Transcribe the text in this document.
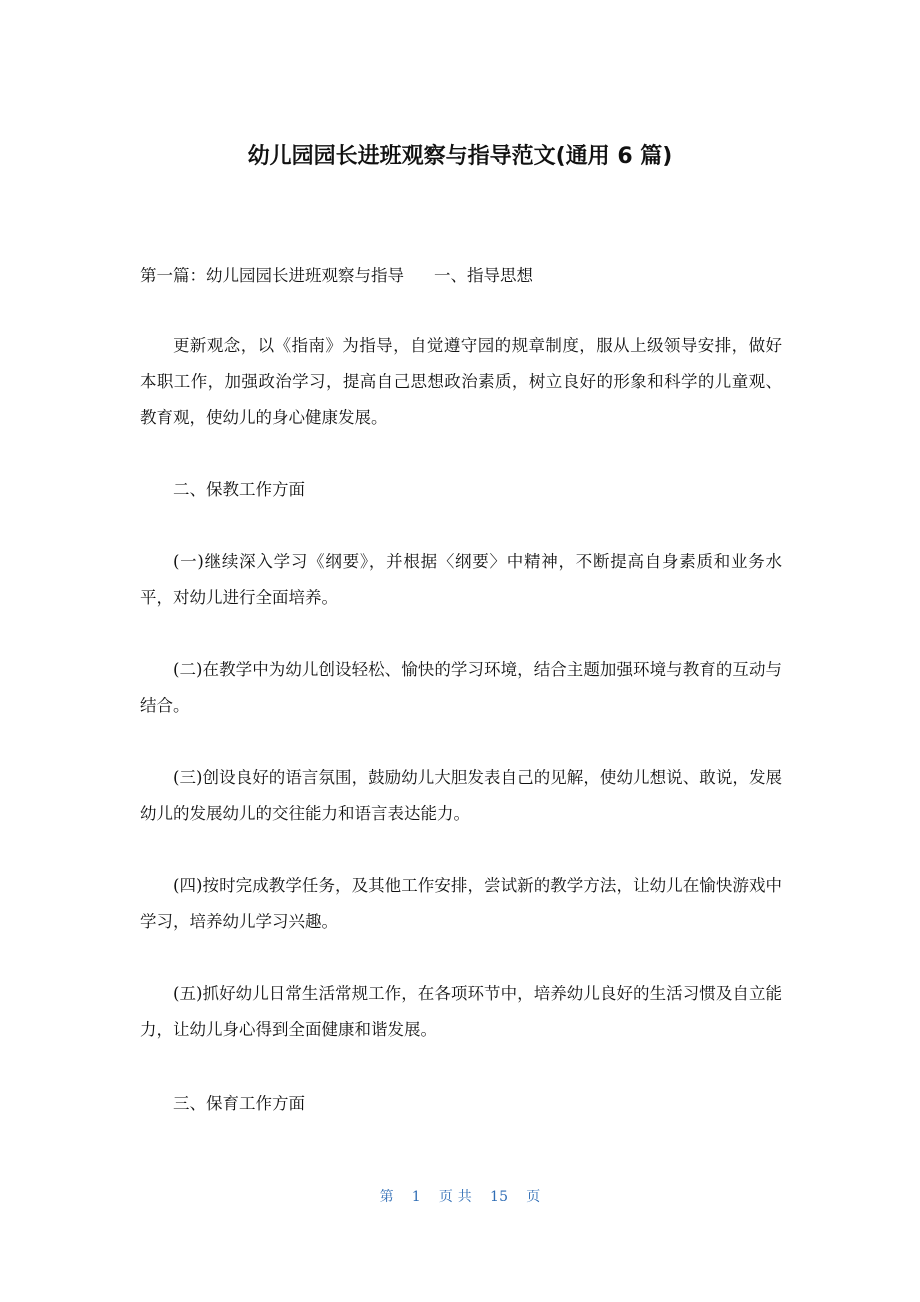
幼儿园园长进班观察与指导范文(通用 6 篇)

第一篇：幼儿园园长进班观察与指导 一、指导思想

更新观念，以《指南》为指导，自觉遵守园的规章制度，服从上级领导安排，做好本职工作，加强政治学习，提高自己思想政治素质，树立良好的形象和科学的儿童观、教育观，使幼儿的身心健康发展。

二、保教工作方面

(一)继续深入学习《纲要》，并根据〈纲要〉中精神，不断提高自身素质和业务水平，对幼儿进行全面培养。

(二)在教学中为幼儿创设轻松、愉快的学习环境，结合主题加强环境与教育的互动与结合。

(三)创设良好的语言氛围，鼓励幼儿大胆发表自己的见解，使幼儿想说、敢说，发展幼儿的发展幼儿的交往能力和语言表达能力。

(四)按时完成教学任务，及其他工作安排，尝试新的教学方法，让幼儿在愉快游戏中学习，培养幼儿学习兴趣。

(五)抓好幼儿日常生活常规工作，在各项环节中，培养幼儿良好的生活习惯及自立能力，让幼儿身心得到全面健康和谐发展。

三、保育工作方面

第 1 页 共 15 页
